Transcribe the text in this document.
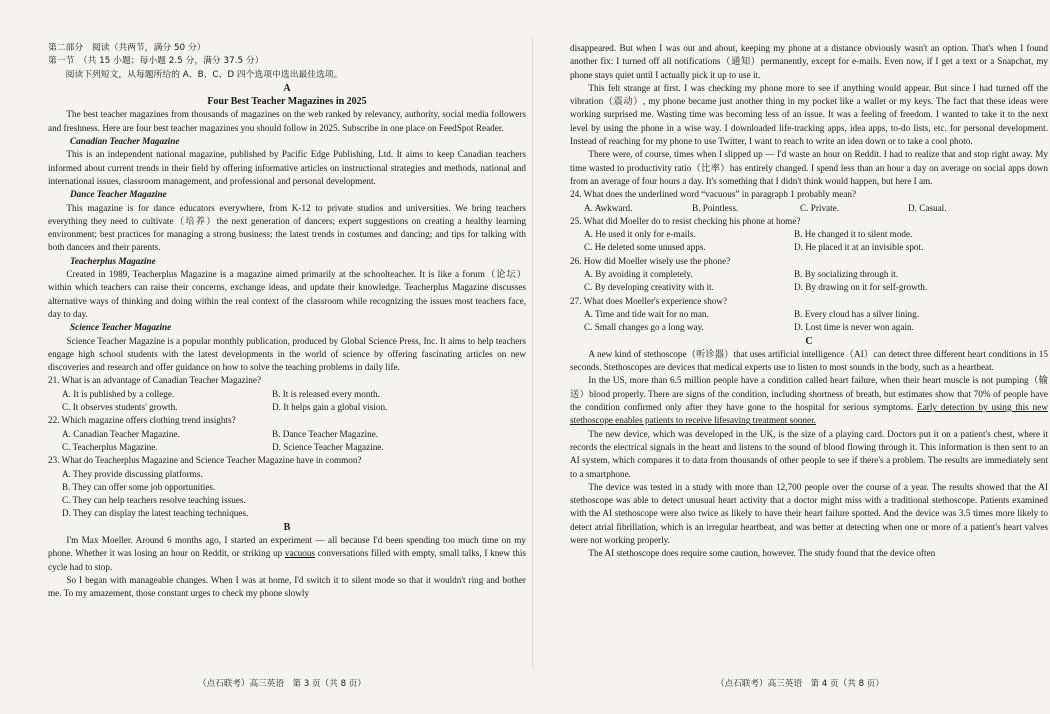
第二部分　阅读（共两节，满分 50 分）

第一节　（共 15 小题；每小题 2.5 分，满分 37.5 分）

阅读下列短文，从每题所给的 A、B、C、D 四个选项中选出最佳选项。

A

Four Best Teacher Magazines in 2025

The best teacher magazines from thousands of magazines on the web ranked by relevancy, authority, social media followers and freshness. Here are four best teacher magazines you should follow in 2025. Subscribe in one place on FeedSpot Reader.

Canadian Teacher Magazine

This is an independent national magazine, published by Pacific Edge Publishing, Ltd. It aims to keep Canadian teachers informed about current trends in their field by offering informative articles on instructional strategies and methods, national and international issues, classroom management, and professional and personal development.

Dance Teacher Magazine

This magazine is for dance educators everywhere, from K-12 to private studios and universities. We bring teachers everything they need to cultivate（培养）the next generation of dancers; expert suggestions on creating a healthy learning environment; best practices for managing a strong business; the latest trends in costumes and dancing; and tips for talking with both dancers and their parents.

Teacherplus Magazine

Created in 1989, Teacherplus Magazine is a magazine aimed primarily at the schoolteacher. It is like a forum（论坛）within which teachers can raise their concerns, exchange ideas, and update their knowledge. Teacherplus Magazine discusses alternative ways of thinking and doing within the real context of the classroom while recognizing the issues most teachers face, day to day.

Science Teacher Magazine

Science Teacher Magazine is a popular monthly publication, produced by Global Science Press, Inc. It aims to help teachers engage high school students with the latest developments in the world of science by offering fascinating articles on new discoveries and research and offer guidance on how to solve the teaching problems in daily life.

21. What is an advantage of Canadian Teacher Magazine?

A. It is published by a college.	B. It is released every month.
C. It observes students' growth.	D. It helps gain a global vision.

22. Which magazine offers clothing trend insights?

A. Canadian Teacher Magazine.	B. Dance Teacher Magazine.
C. Teacherplus Magazine.	D. Science Teacher Magazine.

23. What do Teacherplus Magazine and Science Teacher Magazine have in common?

A. They provide discussing platforms.
B. They can offer some job opportunities.
C. They can help teachers resolve teaching issues.
D. They can display the latest teaching techniques.

B

I'm Max Moeller. Around 6 months ago, I started an experiment — all because I'd been spending too much time on my phone. Whether it was losing an hour on Reddit, or striking up vacuous conversations filled with empty, small talks, I knew this cycle had to stop.

So I began with manageable changes. When I was at home, I'd switch it to silent mode so that it wouldn't ring and bother me. To my amazement, those constant urges to check my phone slowly

disappeared. But when I was out and about, keeping my phone at a distance obviously wasn't an option. That's when I found another fix: I turned off all notifications（通知）permanently, except for e-mails. Even now, if I get a text or a Snapchat, my phone stays quiet until I actually pick it up to use it.

This felt strange at first. I was checking my phone more to see if anything would appear. But since I had turned off the vibration（震动）, my phone became just another thing in my pocket like a wallet or my keys. The fact that these ideas were working surprised me. Wasting time was becoming less of an issue. It was a feeling of freedom. I wanted to take it to the next level by using the phone in a wise way. I downloaded life-tracking apps, idea apps, to-do lists, etc. for personal development. Instead of reaching for my phone to use Twitter, I want to reach to write an idea down or to take a cool photo.

There were, of course, times when I slipped up — I'd waste an hour on Reddit. I had to realize that and stop right away. My time wasted to productivity ratio（比率）has entirely changed. I spend less than an hour a day on average on social apps down from an average of four hours a day. It's something that I didn't think would happen, but here I am.

24. What does the underlined word “vacuous” in paragraph 1 probably mean?

A. Awkward.	B. Pointless.	C. Private.	D. Casual.

25. What did Moeller do to resist checking his phone at home?

A. He used it only for e-mails.	B. He changed it to silent mode.
C. He deleted some unused apps.	D. He placed it at an invisible spot.

26. How did Moeller wisely use the phone?

A. By avoiding it completely.	B. By socializing through it.
C. By developing creativity with it.	D. By drawing on it for self-growth.

27. What does Moeller's experience show?

A. Time and tide wait for no man.	B. Every cloud has a silver lining.
C. Small changes go a long way.	D. Lost time is never won again.

C

A new kind of stethoscope（听诊器）that uses artificial intelligence（AI）can detect three different heart conditions in 15 seconds. Stethoscopes are devices that medical experts use to listen to most sounds in the body, such as a heartbeat.

In the US, more than 6.5 million people have a condition called heart failure, when their heart muscle is not pumping（输送）blood properly. There are signs of the condition, including shortness of breath, but estimates show that 70% of people have the condition confirmed only after they have gone to the hospital for serious symptoms. Early detection by using this new stethoscope enables patients to receive lifesaving treatment sooner.

The new device, which was developed in the UK, is the size of a playing card. Doctors put it on a patient's chest, where it records the electrical signals in the heart and listens to the sound of blood flowing through it. This information is then sent to an AI system, which compares it to data from thousands of other people to see if there's a problem. The results are immediately sent to a smartphone.

The device was tested in a study with more than 12,700 people over the course of a year. The results showed that the AI stethoscope was able to detect unusual heart activity that a doctor might miss with a traditional stethoscope. Patients examined with the AI stethoscope were also twice as likely to have their heart failure spotted. And the device was 3.5 times more likely to detect atrial fibrillation, which is an irregular heartbeat, and was better at detecting when one or more of a patient's heart valves were not working properly.

The AI stethoscope does require some caution, however. The study found that the device often

（点石联考）高三英语　第 3 页（共 8 页）	（点石联考）高三英语　第 4 页（共 8 页）
